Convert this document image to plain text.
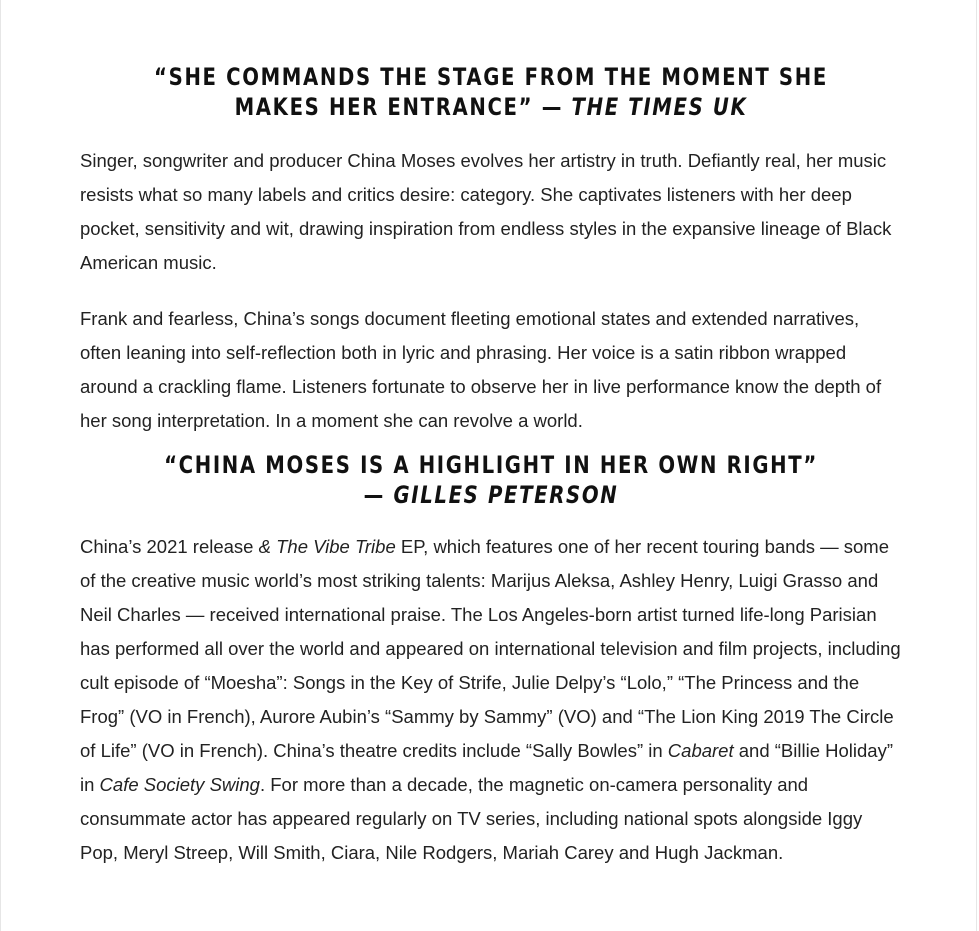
“SHE COMMANDS THE STAGE FROM THE MOMENT SHE MAKES HER ENTRANCE” — THE TIMES UK

Singer, songwriter and producer China Moses evolves her artistry in truth. Defiantly real, her music resists what so many labels and critics desire: category. She captivates listeners with her deep pocket, sensitivity and wit, drawing inspiration from endless styles in the expansive lineage of Black American music.

Frank and fearless, China’s songs document fleeting emotional states and extended narratives, often leaning into self-reflection both in lyric and phrasing. Her voice is a satin ribbon wrapped around a crackling flame. Listeners fortunate to observe her in live performance know the depth of her song interpretation. In a moment she can revolve a world.

“CHINA MOSES IS A HIGHLIGHT IN HER OWN RIGHT” — GILLES PETERSON

China’s 2021 release & The Vibe Tribe EP, which features one of her recent touring bands — some of the creative music world’s most striking talents: Marijus Aleksa, Ashley Henry, Luigi Grasso and Neil Charles — received international praise. The Los Angeles-born artist turned life-long Parisian has performed all over the world and appeared on international television and film projects, including cult episode of “Moesha”: Songs in the Key of Strife, Julie Delpy’s “Lolo,” “The Princess and the Frog” (VO in French), Aurore Aubin’s “Sammy by Sammy” (VO) and “The Lion King 2019 The Circle of Life” (VO in French). China’s theatre credits include “Sally Bowles” in Cabaret and “Billie Holiday” in Cafe Society Swing. For more than a decade, the magnetic on-camera personality and consummate actor has appeared regularly on TV series, including national spots alongside Iggy Pop, Meryl Streep, Will Smith, Ciara, Nile Rodgers, Mariah Carey and Hugh Jackman.
